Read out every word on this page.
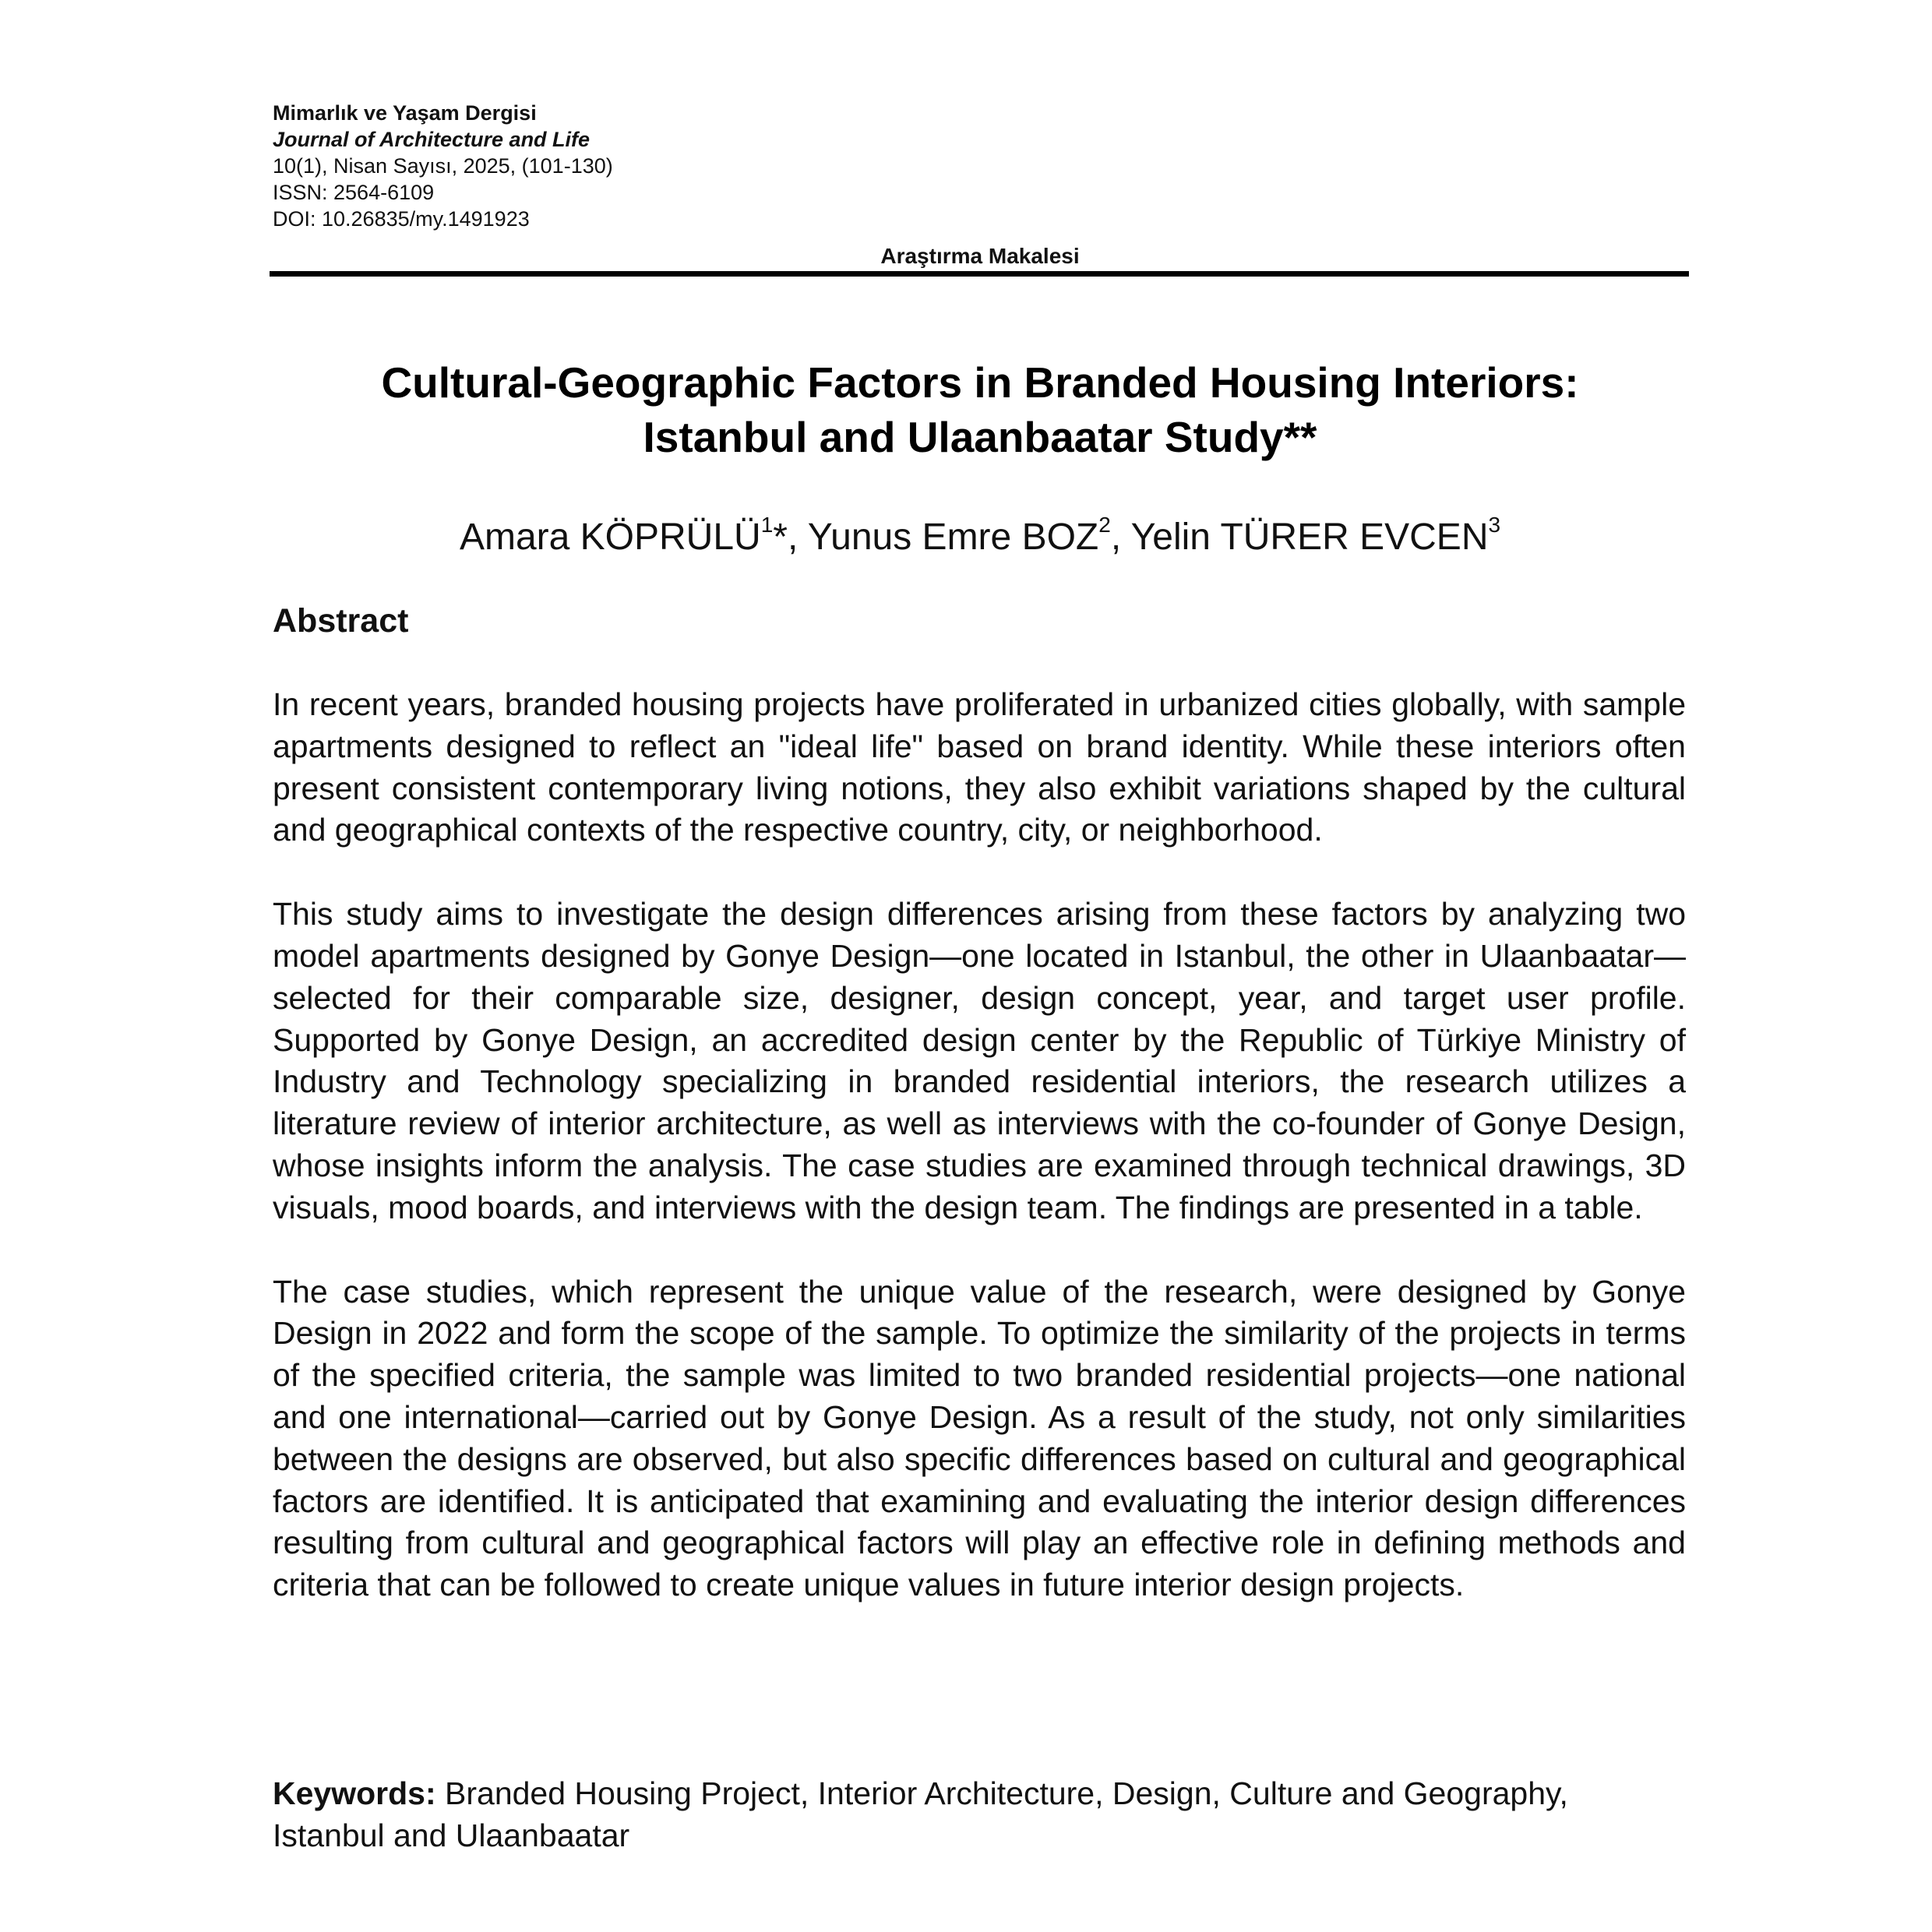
Mimarlık ve Yaşam Dergisi
Journal of Architecture and Life
10(1), Nisan Sayısı, 2025, (101-130)
ISSN: 2564-6109
DOI: 10.26835/my.1491923
Araştırma Makalesi
Cultural-Geographic Factors in Branded Housing Interiors:
Istanbul and Ulaanbaatar Study**
Amara KÖPRÜLÜ$^1$*, Yunus Emre BOZ$^2$, Yelin TÜRER EVCEN$^3$
Abstract

In recent years, branded housing projects have proliferated in urbanized cities globally, with sample apartments designed to reflect an "ideal life" based on brand identity. While these interiors often present consistent contemporary living notions, they also exhibit variations shaped by the cultural and geographical contexts of the respective country, city, or neighborhood.

This study aims to investigate the design differences arising from these factors by analyzing two model apartments designed by Gonye Design—one located in Istanbul, the other in Ulaanbaatar—selected for their comparable size, designer, design concept, year, and target user profile. Supported by Gonye Design, an accredited design center by the Republic of Türkiye Ministry of Industry and Technology specializing in branded residential interiors, the research utilizes a literature review of interior architecture, as well as interviews with the co-founder of Gonye Design, whose insights inform the analysis. The case studies are examined through technical drawings, 3D visuals, mood boards, and interviews with the design team. The findings are presented in a table.

The case studies, which represent the unique value of the research, were designed by Gonye Design in 2022 and form the scope of the sample. To optimize the similarity of the projects in terms of the specified criteria, the sample was limited to two branded residential projects—one national and one international—carried out by Gonye Design. As a result of the study, not only similarities between the designs are observed, but also specific differences based on cultural and geographical factors are identified. It is anticipated that examining and evaluating the interior design differences resulting from cultural and geographical factors will play an effective role in defining methods and criteria that can be followed to create unique values in future interior design projects.

Keywords: Branded Housing Project, Interior Architecture, Design, Culture and Geography, Istanbul and Ulaanbaatar
